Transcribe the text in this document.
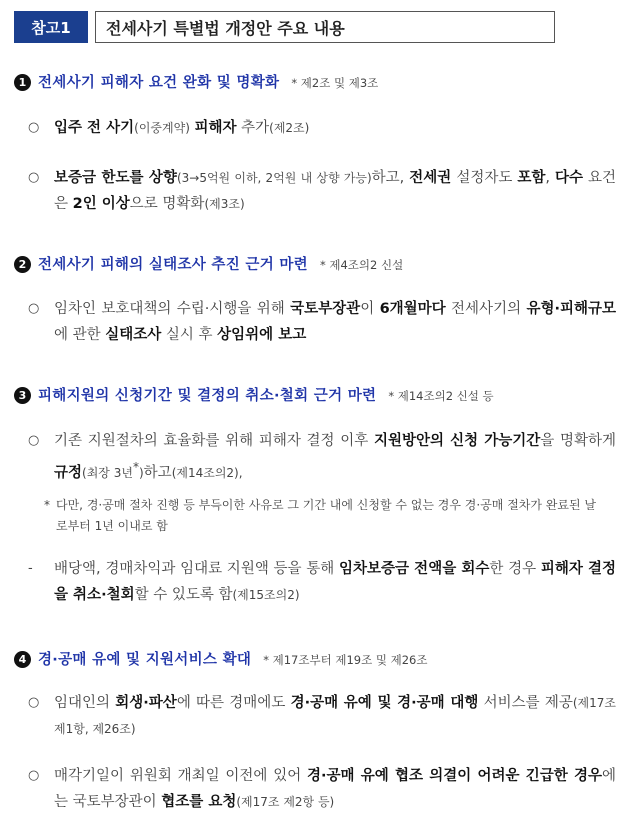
참고1	전세사기 특별법 개정안 주요 내용
1 전세사기 피해자 요건 완화 및 명확화 * 제2조 및 제3조
○ 입주 전 사기(이중계약) 피해자 추가(제2조)
○ 보증금 한도를 상향(3→5억원 이하, 2억원 내 상향 가능)하고, 전세권 설정자도 포함, 다수 요건은 2인 이상으로 명확화(제3조)
2 전세사기 피해의 실태조사 추진 근거 마련 * 제4조의2 신설
○ 임차인 보호대책의 수립·시행을 위해 국토부장관이 6개월마다 전세사기의 유형·피해규모에 관한 실태조사 실시 후 상임위에 보고
3 피해지원의 신청기간 및 결정의 취소·철회 근거 마련 * 제14조의2 신설 등
○ 기존 지원절차의 효율화를 위해 피해자 결정 이후 지원방안의 신청 가능기간을 명확하게 규정(최장 3년*)하고(제14조의2),
* 다만, 경·공매 절차 진행 등 부득이한 사유로 그 기간 내에 신청할 수 없는 경우 경·공매 절차가 완료된 날로부터 1년 이내로 함
- 배당액, 경매차익과 임대료 지원액 등을 통해 임차보증금 전액을 회수한 경우 피해자 결정을 취소·철회할 수 있도록 함(제15조의2)
4 경·공매 유예 및 지원서비스 확대 * 제17조부터 제19조 및 제26조
○ 임대인의 회생·파산에 따른 경매에도 경·공매 유예 및 경·공매 대행 서비스를 제공(제17조 제1항, 제26조)
○ 매각기일이 위원회 개최일 이전에 있어 경·공매 유예 협조 의결이 어려운 긴급한 경우에는 국토부장관이 협조를 요청(제17조 제2항 등)
